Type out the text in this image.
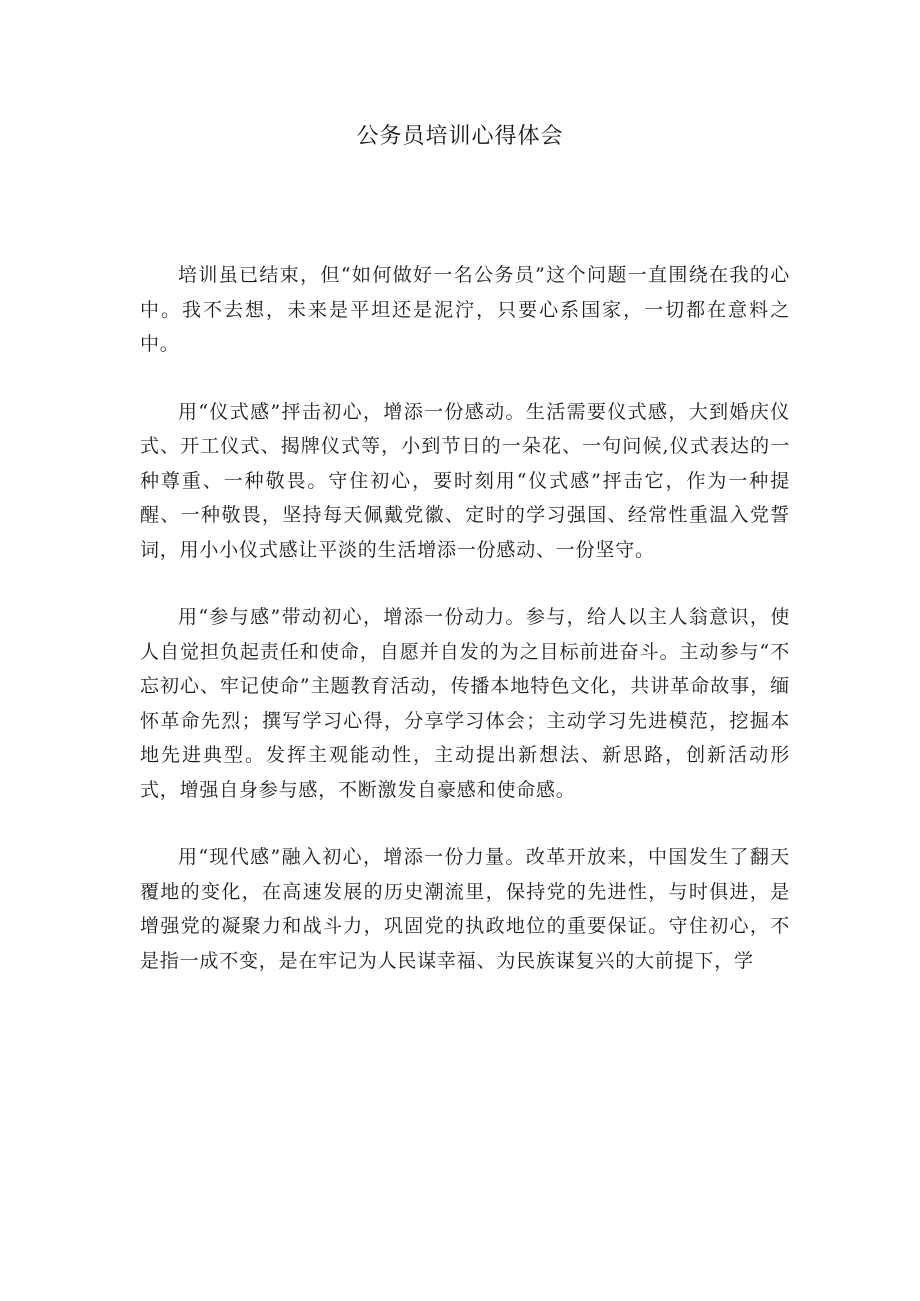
公务员培训心得体会

培训虽已结束，但“如何做好一名公务员”这个问题一直围绕在我的心中。我不去想，未来是平坦还是泥泞，只要心系国家，一切都在意料之中。

用“仪式感”抨击初心，增添一份感动。生活需要仪式感，大到婚庆仪式、开工仪式、揭牌仪式等，小到节日的一朵花、一句问候,仪式表达的一种尊重、一种敬畏。守住初心，要时刻用“仪式感”抨击它，作为一种提醒、一种敬畏，坚持每天佩戴党徽、定时的学习强国、经常性重温入党誓词，用小小仪式感让平淡的生活增添一份感动、一份坚守。

用“参与感”带动初心，增添一份动力。参与，给人以主人翁意识，使人自觉担负起责任和使命，自愿并自发的为之目标前进奋斗。主动参与“不忘初心、牢记使命”主题教育活动，传播本地特色文化，共讲革命故事，缅怀革命先烈；撰写学习心得，分享学习体会；主动学习先进模范，挖掘本地先进典型。发挥主观能动性，主动提出新想法、新思路，创新活动形式，增强自身参与感，不断激发自豪感和使命感。

用“现代感”融入初心，增添一份力量。改革开放来，中国发生了翻天覆地的变化，在高速发展的历史潮流里，保持党的先进性，与时俱进，是增强党的凝聚力和战斗力，巩固党的执政地位的重要保证。守住初心，不是指一成不变，是在牢记为人民谋幸福、为民族谋复兴的大前提下，学
